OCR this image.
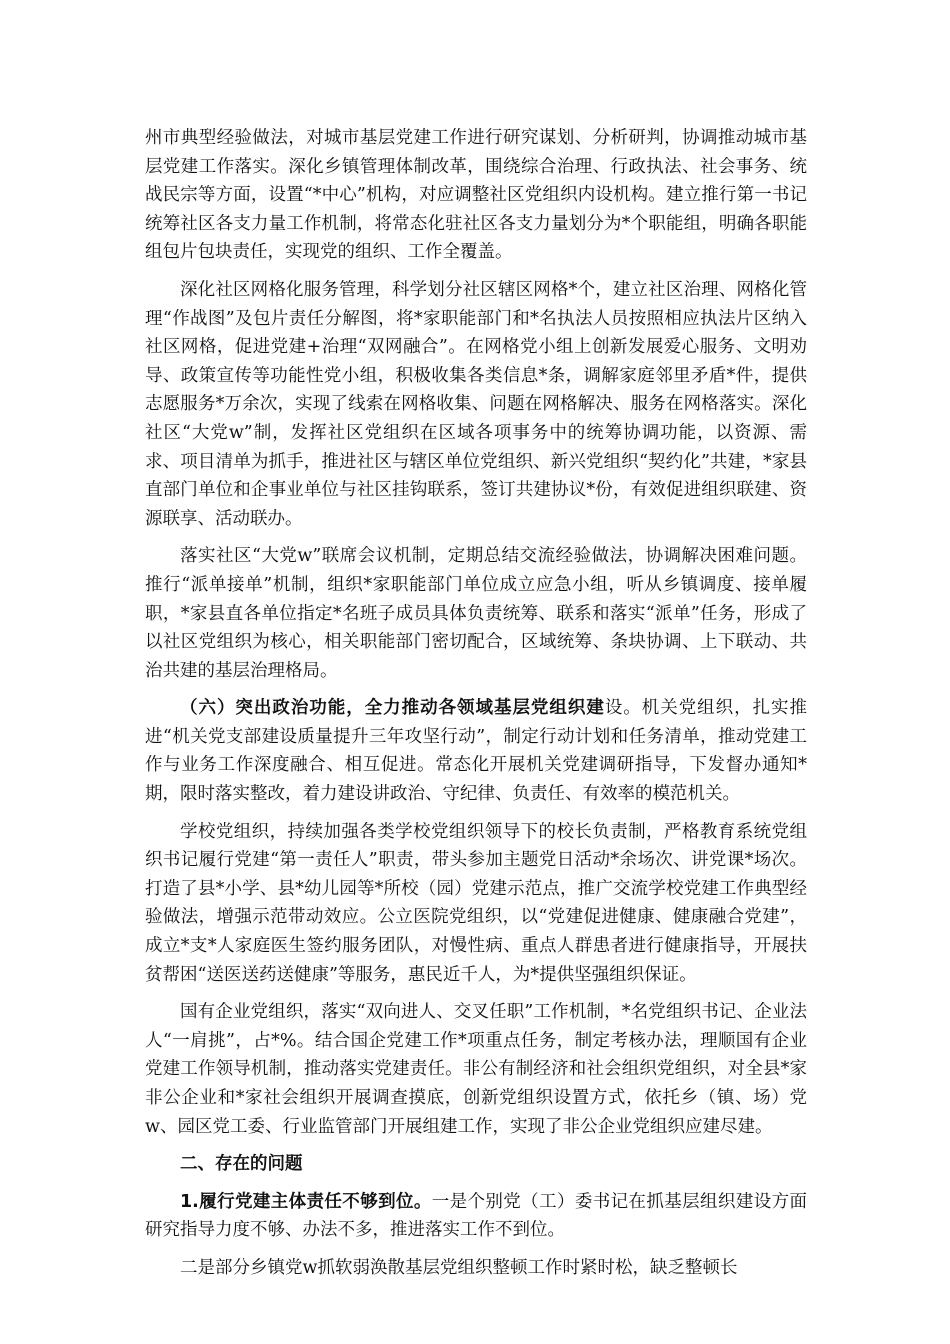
州市典型经验做法，对城市基层党建工作进行研究谋划、分析研判，协调推动城市基层党建工作落实。深化乡镇管理体制改革，围绕综合治理、行政执法、社会事务、统战民宗等方面，设置“*中心”机构，对应调整社区党组织内设机构。建立推行第一书记统筹社区各支力量工作机制，将常态化驻社区各支力量划分为*个职能组，明确各职能组包片包块责任，实现党的组织、工作全覆盖。

深化社区网格化服务管理，科学划分社区辖区网格*个，建立社区治理、网格化管理“作战图”及包片责任分解图，将*家职能部门和*名执法人员按照相应执法片区纳入社区网格，促进党建+治理“双网融合”。在网格党小组上创新发展爱心服务、文明劝导、政策宣传等功能性党小组，积极收集各类信息*条，调解家庭邻里矛盾*件，提供志愿服务*万余次，实现了线索在网格收集、问题在网格解决、服务在网格落实。深化社区“大党w”制，发挥社区党组织在区域各项事务中的统筹协调功能，以资源、需求、项目清单为抓手，推进社区与辖区单位党组织、新兴党组织“契约化”共建，*家县直部门单位和企事业单位与社区挂钩联系，签订共建协议*份，有效促进组织联建、资源联享、活动联办。

落实社区“大党w”联席会议机制，定期总结交流经验做法，协调解决困难问题。推行“派单接单”机制，组织*家职能部门单位成立应急小组，听从乡镇调度、接单履职，*家县直各单位指定*名班子成员具体负责统筹、联系和落实“派单”任务，形成了以社区党组织为核心，相关职能部门密切配合，区域统筹、条块协调、上下联动、共治共建的基层治理格局。

（六）突出政治功能，全力推动各领域基层党组织建设。机关党组织，扎实推进“机关党支部建设质量提升三年攻坚行动”，制定行动计划和任务清单，推动党建工作与业务工作深度融合、相互促进。常态化开展机关党建调研指导，下发督办通知*期，限时落实整改，着力建设讲政治、守纪律、负责任、有效率的模范机关。

学校党组织，持续加强各类学校党组织领导下的校长负责制，严格教育系统党组织书记履行党建“第一责任人”职责，带头参加主题党日活动*余场次、讲党课*场次。打造了县*小学、县*幼儿园等*所校（园）党建示范点，推广交流学校党建工作典型经验做法，增强示范带动效应。公立医院党组织，以“党建促进健康、健康融合党建”，成立*支*人家庭医生签约服务团队，对慢性病、重点人群患者进行健康指导，开展扶贫帮困“送医送药送健康”等服务，惠民近千人，为*提供坚强组织保证。

国有企业党组织，落实“双向进人、交叉任职”工作机制，*名党组织书记、企业法人“一肩挑”，占*%。结合国企党建工作*项重点任务，制定考核办法，理顺国有企业党建工作领导机制，推动落实党建责任。非公有制经济和社会组织党组织，对全县*家非公企业和*家社会组织开展调查摸底，创新党组织设置方式，依托乡（镇、场）党w、园区党工委、行业监管部门开展组建工作，实现了非公企业党组织应建尽建。

二、存在的问题

1.履行党建主体责任不够到位。一是个别党（工）委书记在抓基层组织建设方面研究指导力度不够、办法不多，推进落实工作不到位。

二是部分乡镇党w抓软弱涣散基层党组织整顿工作时紧时松，缺乏整顿长
